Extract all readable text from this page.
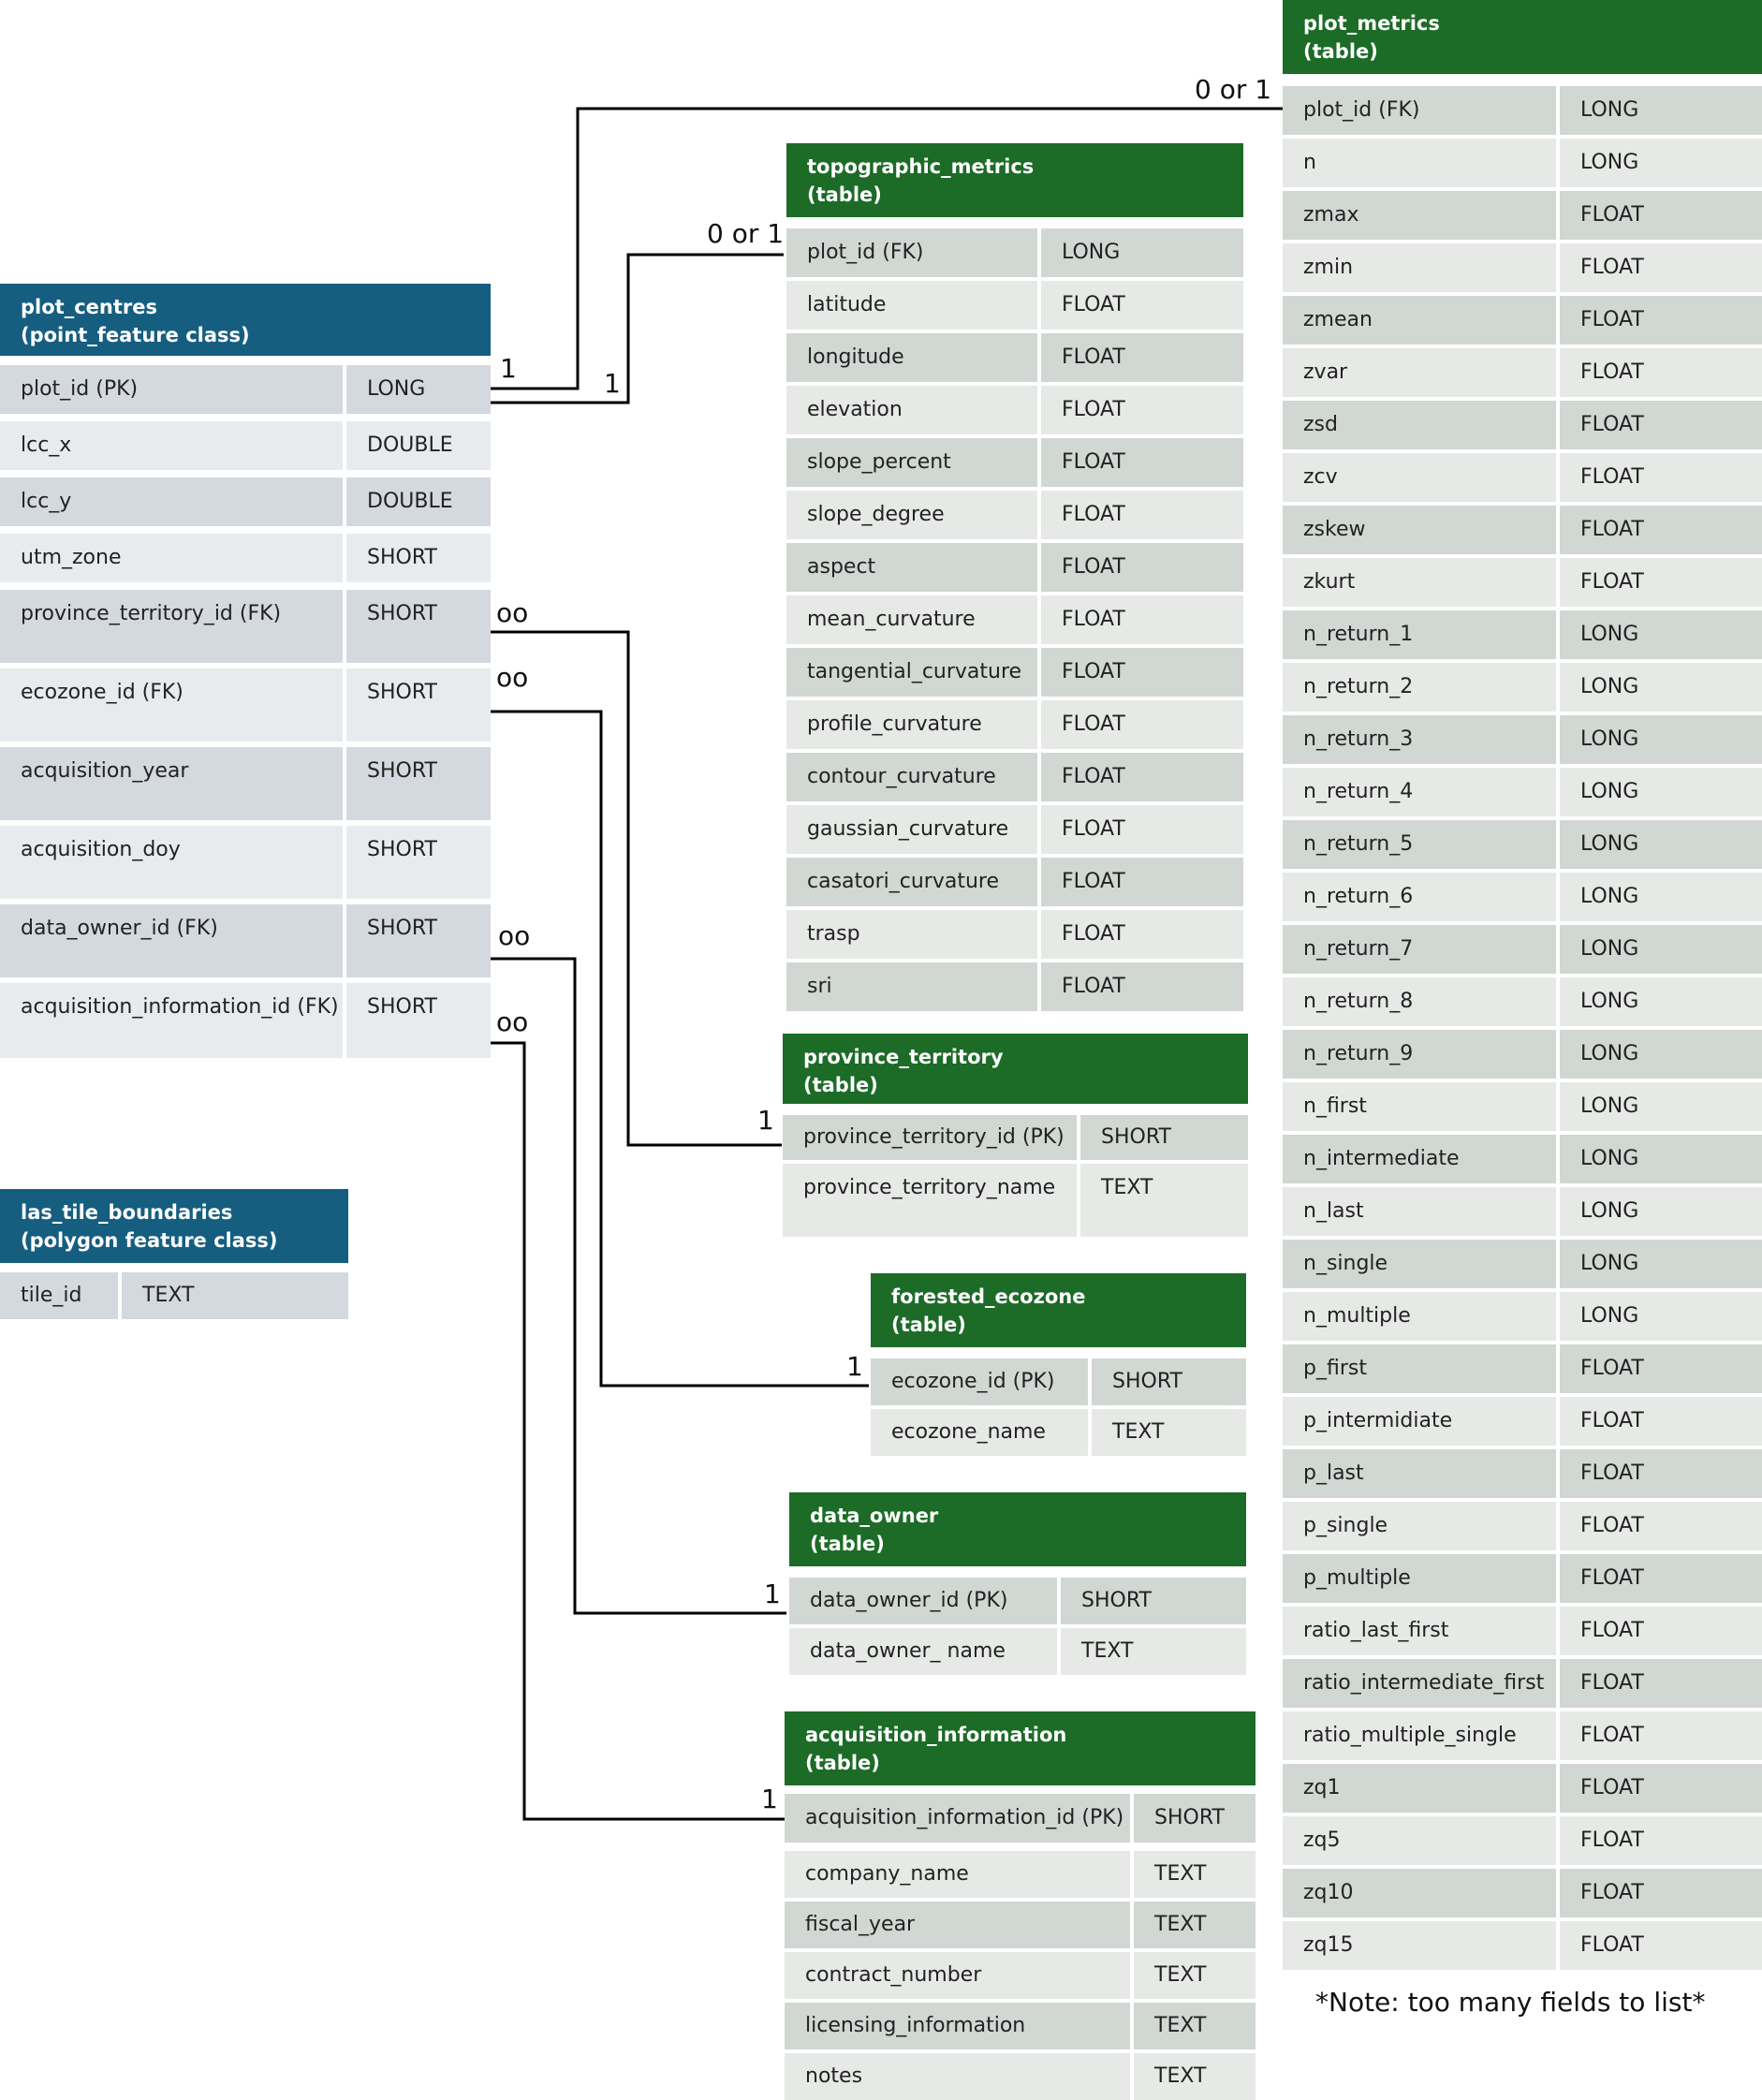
1	1
0 or 1
0 or 1
oo
oo
oo
oo
1
1
1
1
plot_centres
(point_feature class)
plot_id (PK)	LONG
lcc_x	DOUBLE
lcc_y	DOUBLE
utm_zone	SHORT
province_territory_id (FK)	SHORT
ecozone_id (FK)	SHORT
acquisition_year	SHORT
acquisition_doy	SHORT
data_owner_id (FK)	SHORT
acquisition_information_id (FK)	SHORT
las_tile_boundaries
(polygon feature class)
tile_id	TEXT
topographic_metrics
(table)
plot_id (FK)	LONG
latitude	FLOAT
longitude	FLOAT
elevation	FLOAT
slope_percent	FLOAT
slope_degree	FLOAT
aspect	FLOAT
mean_curvature	FLOAT
tangential_curvature	FLOAT
profile_curvature	FLOAT
contour_curvature	FLOAT
gaussian_curvature	FLOAT
casatori_curvature	FLOAT
trasp	FLOAT
sri	FLOAT
province_territory
(table)
province_territory_id (PK)	SHORT
province_territory_name	TEXT
forested_ecozone
(table)
ecozone_id (PK)	SHORT
ecozone_name	TEXT
data_owner
(table)
data_owner_id (PK)	SHORT
data_owner_ name	TEXT
acquisition_information
(table)
acquisition_information_id (PK)	SHORT
company_name	TEXT
fiscal_year	TEXT
contract_number	TEXT
licensing_information	TEXT
notes	TEXT
plot_metrics
(table)
plot_id (FK)	LONG
n	LONG
zmax	FLOAT
zmin	FLOAT
zmean	FLOAT
zvar	FLOAT
zsd	FLOAT
zcv	FLOAT
zskew	FLOAT
zkurt	FLOAT
n_return_1	LONG
n_return_2	LONG
n_return_3	LONG
n_return_4	LONG
n_return_5	LONG
n_return_6	LONG
n_return_7	LONG
n_return_8	LONG
n_return_9	LONG
n_first	LONG
n_intermediate	LONG
n_last	LONG
n_single	LONG
n_multiple	LONG
p_first	FLOAT
p_intermidiate	FLOAT
p_last	FLOAT
p_single	FLOAT
p_multiple	FLOAT
ratio_last_first	FLOAT
ratio_intermediate_first	FLOAT
ratio_multiple_single	FLOAT
zq1	FLOAT
zq5	FLOAT
zq10	FLOAT
zq15	FLOAT
*Note: too many fields to list*
